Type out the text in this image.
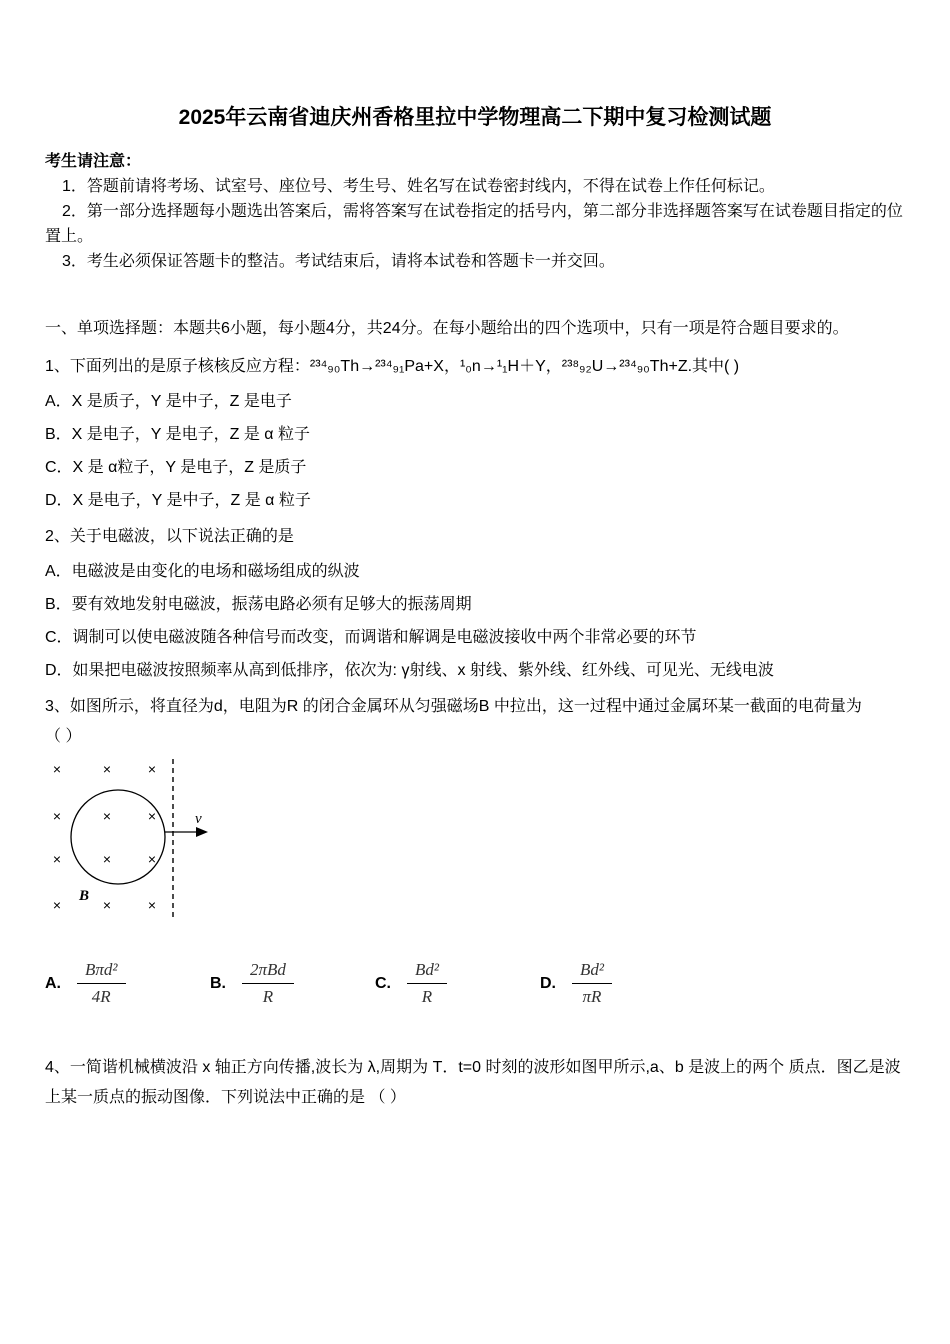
2025年云南省迪庆州香格里拉中学物理高二下期中复习检测试题

考生请注意：

1．答题前请将考场、试室号、座位号、考生号、姓名写在试卷密封线内，不得在试卷上作任何标记。

2．第一部分选择题每小题选出答案后，需将答案写在试卷指定的括号内，第二部分非选择题答案写在试卷题目指定的位置上。

3．考生必须保证答题卡的整洁。考试结束后，请将本试卷和答题卡一并交回。

一、单项选择题：本题共6小题，每小题4分，共24分。在每小题给出的四个选项中，只有一项是符合题目要求的。

1、下面列出的是原子核核反应方程：²³⁴₉₀Th→²³⁴₉₁Pa+X，¹₀n→¹₁H＋Y，²³⁸₉₂U→²³⁴₉₀Th+Z.其中( )

A．X 是质子，Y 是中子，Z 是电子

B．X 是电子，Y 是电子，Z 是 α 粒子

C．X 是 α粒子，Y 是电子，Z 是质子

D．X 是电子，Y 是中子，Z 是 α 粒子

2、关于电磁波，以下说法正确的是

A．电磁波是由变化的电场和磁场组成的纵波

B．要有效地发射电磁波，振荡电路必须有足够大的振荡周期

C．调制可以使电磁波随各种信号而改变，而调谐和解调是电磁波接收中两个非常必要的环节

D．如果把电磁波按照频率从高到低排序，依次为: γ射线、x 射线、紫外线、红外线、可见光、无线电波

3、如图所示，将直径为d，电阻为R 的闭合金属环从匀强磁场B 中拉出，这一过程中通过金属环某一截面的电荷量为

（ ）

×	×	×
×	×	×
×	×	×
×	×	×
v
B
A. $\frac{\text{Bπd²}}{4R}$	B. $\frac{\text{2πBd}}{R}$	C. $\frac{\text{Bd²}}{R}$	D. $\frac{\text{Bd²}}{\pi R}$

4、一简谐机械横波沿 x 轴正方向传播,波长为 λ,周期为 T．t=0 时刻的波形如图甲所示,a、b 是波上的两个 质点．图乙是波上某一质点的振动图像．下列说法中正确的是 （ ）
